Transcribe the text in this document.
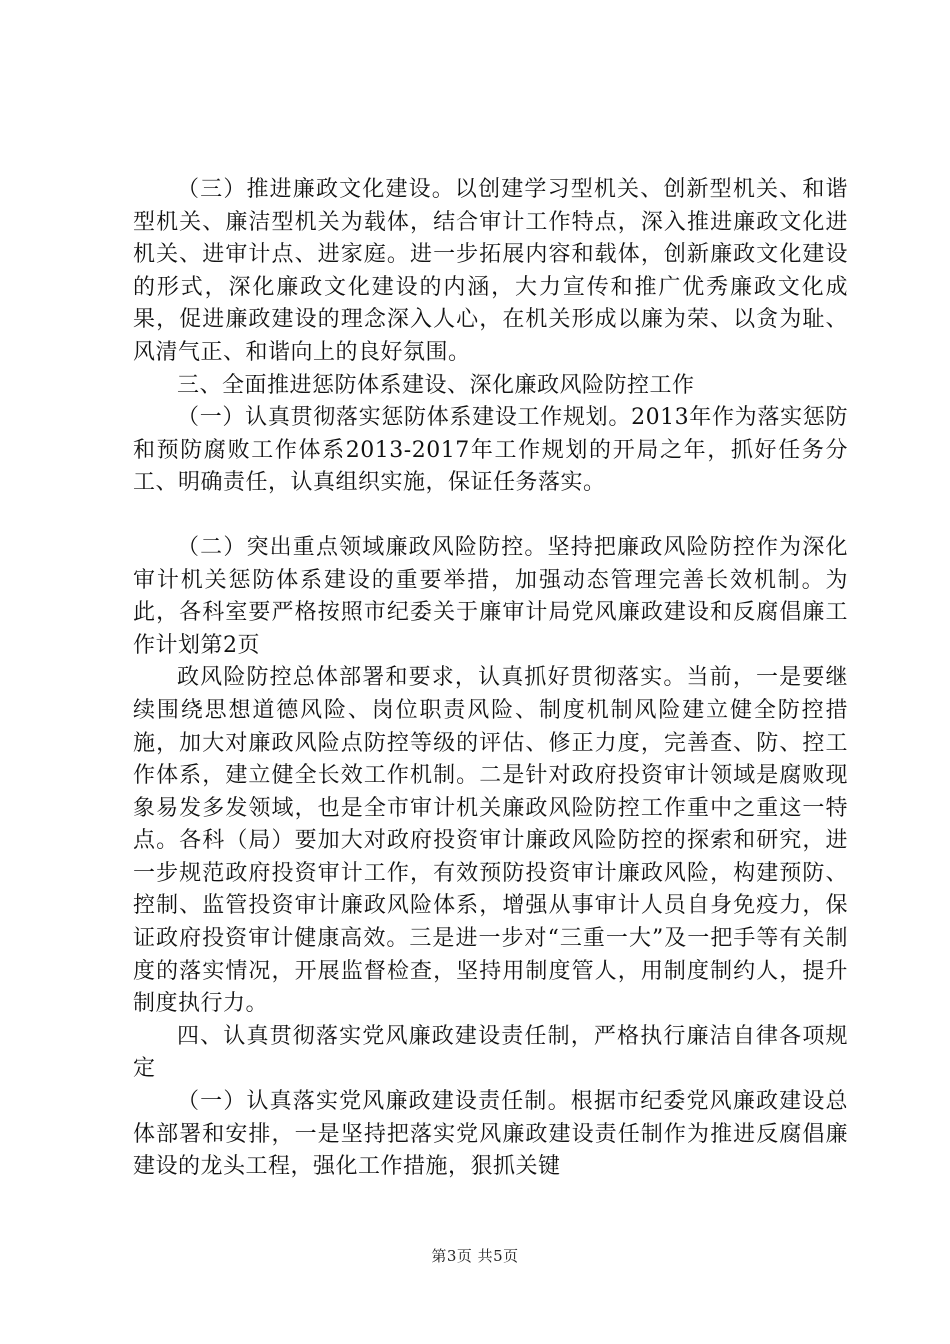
（三）推进廉政文化建设。以创建学习型机关、创新型机关、和谐型机关、廉洁型机关为载体，结合审计工作特点，深入推进廉政文化进机关、进审计点、进家庭。进一步拓展内容和载体，创新廉政文化建设的形式，深化廉政文化建设的内涵，大力宣传和推广优秀廉政文化成果，促进廉政建设的理念深入人心，在机关形成以廉为荣、以贪为耻、风清气正、和谐向上的良好氛围。

三、全面推进惩防体系建设、深化廉政风险防控工作

（一）认真贯彻落实惩防体系建设工作规划。2013年作为落实惩防和预防腐败工作体系2013-2017年工作规划的开局之年，抓好任务分工、明确责任，认真组织实施，保证任务落实。

（二）突出重点领域廉政风险防控。坚持把廉政风险防控作为深化审计机关惩防体系建设的重要举措，加强动态管理完善长效机制。为此，各科室要严格按照市纪委关于廉审计局党风廉政建设和反腐倡廉工作计划第2页

政风险防控总体部署和要求，认真抓好贯彻落实。当前，一是要继续围绕思想道德风险、岗位职责风险、制度机制风险建立健全防控措施，加大对廉政风险点防控等级的评估、修正力度，完善查、防、控工作体系，建立健全长效工作机制。二是针对政府投资审计领域是腐败现象易发多发领域，也是全市审计机关廉政风险防控工作重中之重这一特点。各科（局）要加大对政府投资审计廉政风险防控的探索和研究，进一步规范政府投资审计工作，有效预防投资审计廉政风险，构建预防、控制、监管投资审计廉政风险体系，增强从事审计人员自身免疫力，保证政府投资审计健康高效。三是进一步对“三重一大”及一把手等有关制度的落实情况，开展监督检查，坚持用制度管人，用制度制约人，提升制度执行力。

四、认真贯彻落实党风廉政建设责任制，严格执行廉洁自律各项规定

（一）认真落实党风廉政建设责任制。根据市纪委党风廉政建设总体部署和安排，一是坚持把落实党风廉政建设责任制作为推进反腐倡廉建设的龙头工程，强化工作措施，狠抓关键

第3页 共5页
